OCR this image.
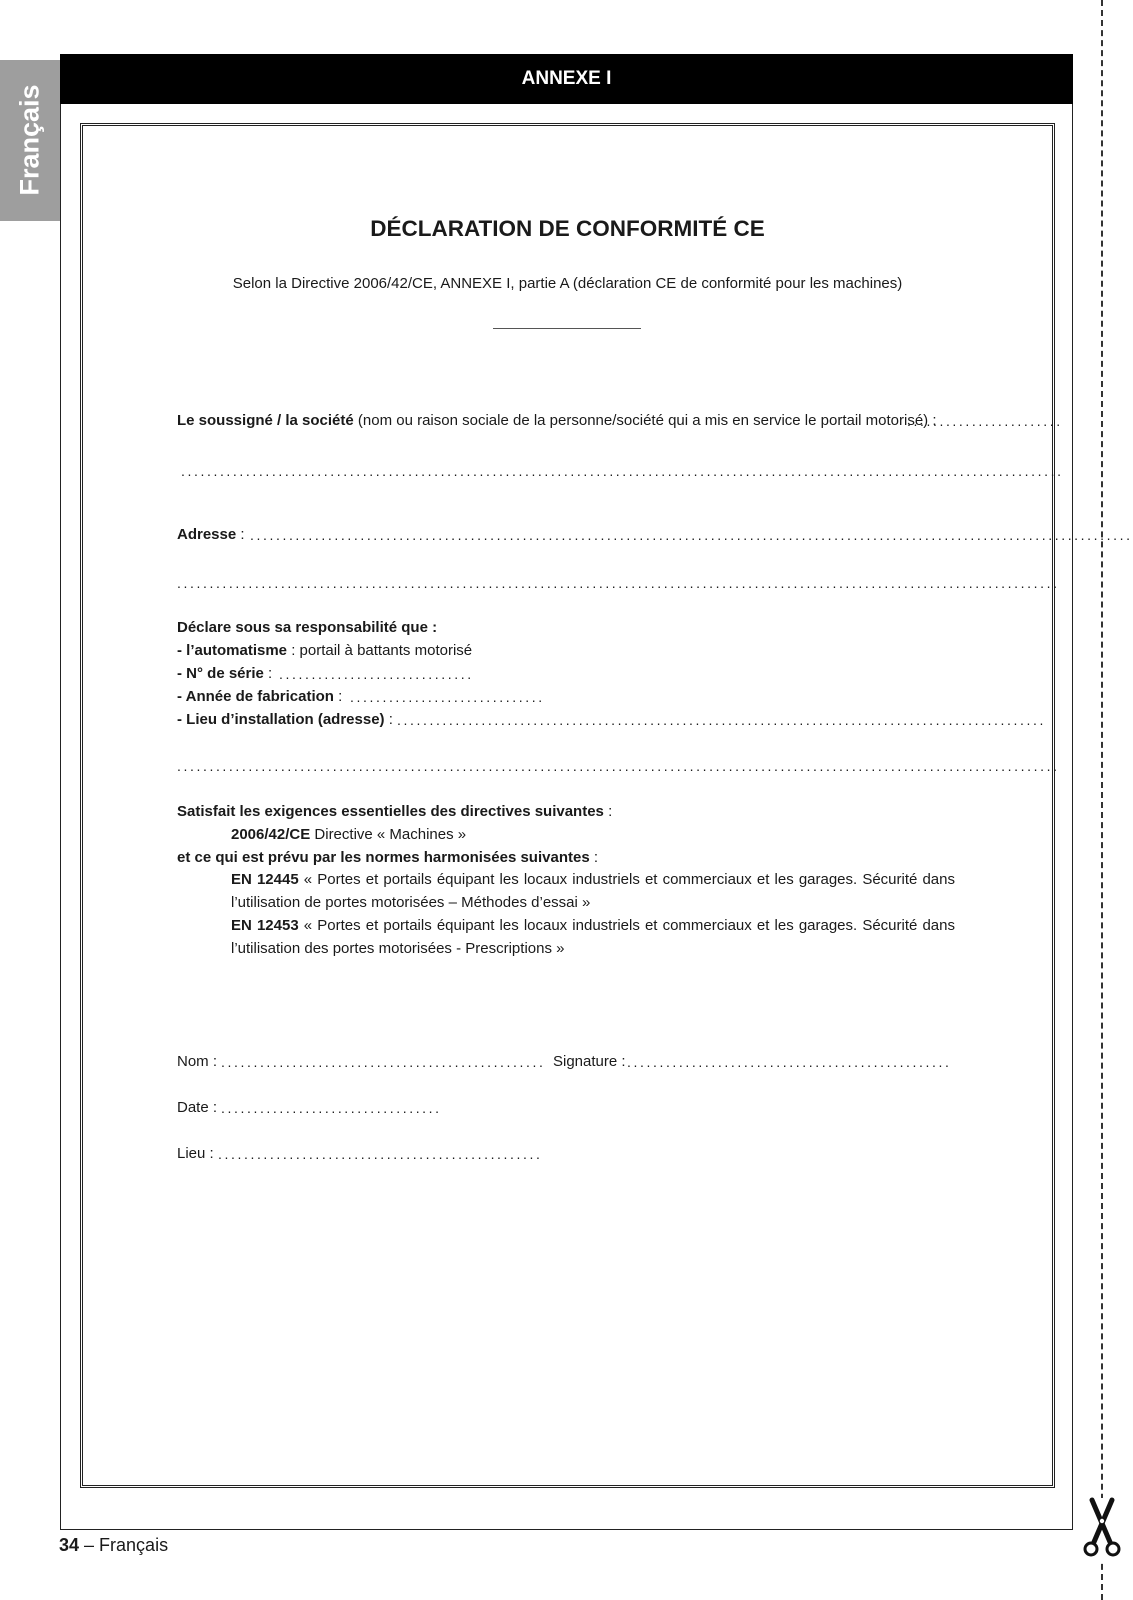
Français
ANNEXE I
DÉCLARATION DE CONFORMITÉ CE
Selon la Directive 2006/42/CE, ANNEXE I, partie A (déclaration CE de conformité pour les machines)
Le soussigné / la société (nom ou raison sociale de la personne/société qui a mis en service le portail motorisé) :
........................
........................................................................................................................................
Adresse : ........................................................................................................................................
........................................................................................................................................
Déclare sous sa responsabilité que :
- l’automatisme : portail à battants motorisé
- N° de série : ..............................
- Année de fabrication : ..............................
- Lieu d’installation (adresse) : ....................................................................................................
........................................................................................................................................
Satisfait les exigences essentielles des directives suivantes :
2006/42/CE Directive « Machines »
et ce qui est prévu par les normes harmonisées suivantes :
EN 12445 « Portes et portails équipant les locaux industriels et commerciaux et les garages. Sécurité dans l’utilisation de portes motorisées – Méthodes d’essai »
EN 12453 « Portes et portails équipant les locaux industriels et commerciaux et les garages. Sécurité dans l’utilisation des portes motorisées - Prescriptions »
Nom : .................................................. Signature : ..................................................
Date : ..................................
Lieu : ..................................................
34 – Français
